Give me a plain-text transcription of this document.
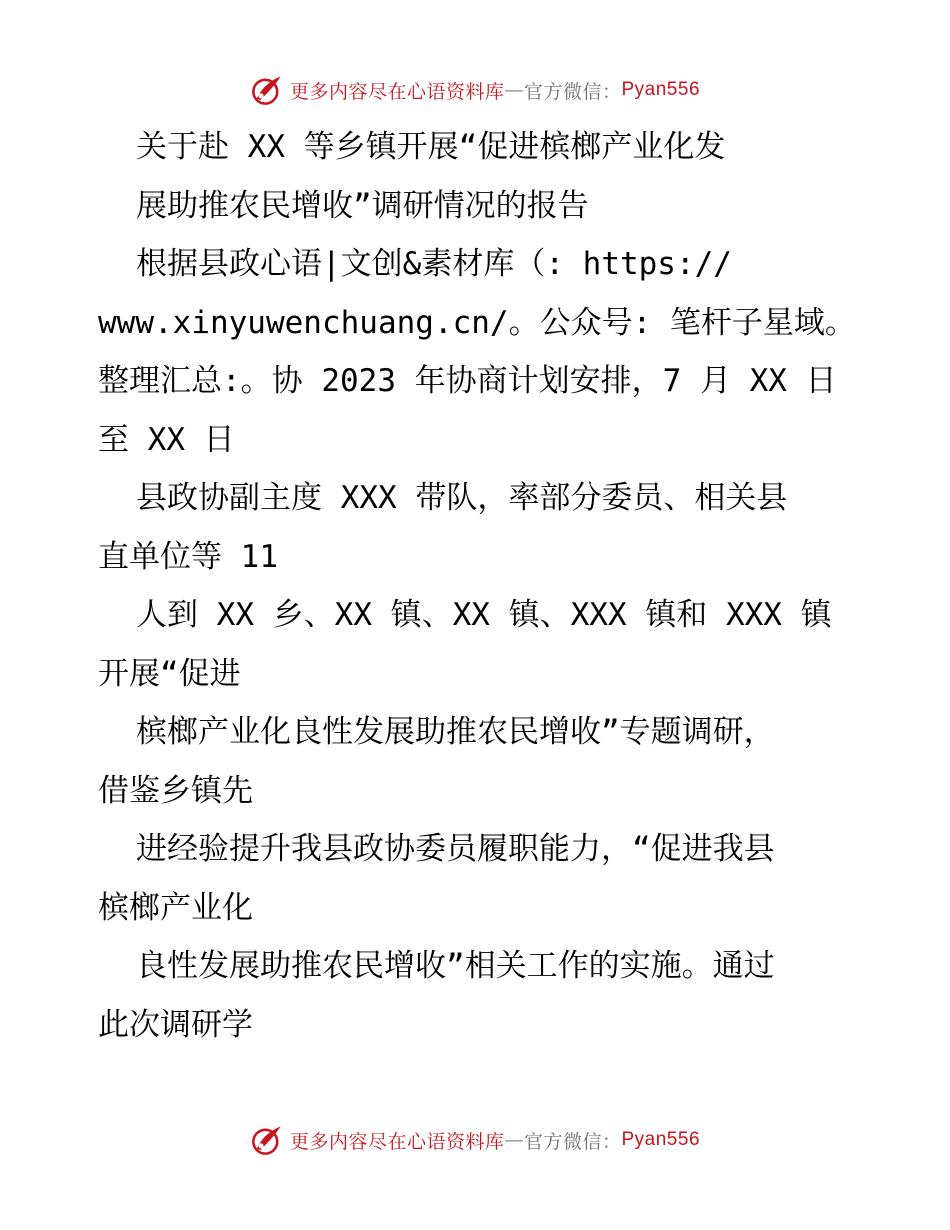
更多内容尽在心语资料库 — 官方微信： Pyan556
关于赴 XX 等乡镇开展“促进槟榔产业化发
展助推农民增收”调研情况的报告
根据县政心语|文创&素材库（: https://
www.xinyuwenchuang.cn/。公众号: 笔杆子星域。
整理汇总:。协 2023 年协商计划安排，7 月 XX 日
至 XX 日
县政协副主度 XXX 带队，率部分委员、相关县
直单位等 11
人到 XX 乡、XX 镇、XX 镇、XXX 镇和 XXX 镇
开展“促进
槟榔产业化良性发展助推农民增收”专题调研，
借鉴乡镇先
进经验提升我县政协委员履职能力，“促进我县
槟榔产业化
良性发展助推农民增收”相关工作的实施。通过
此次调研学
更多内容尽在心语资料库 — 官方微信： Pyan556
